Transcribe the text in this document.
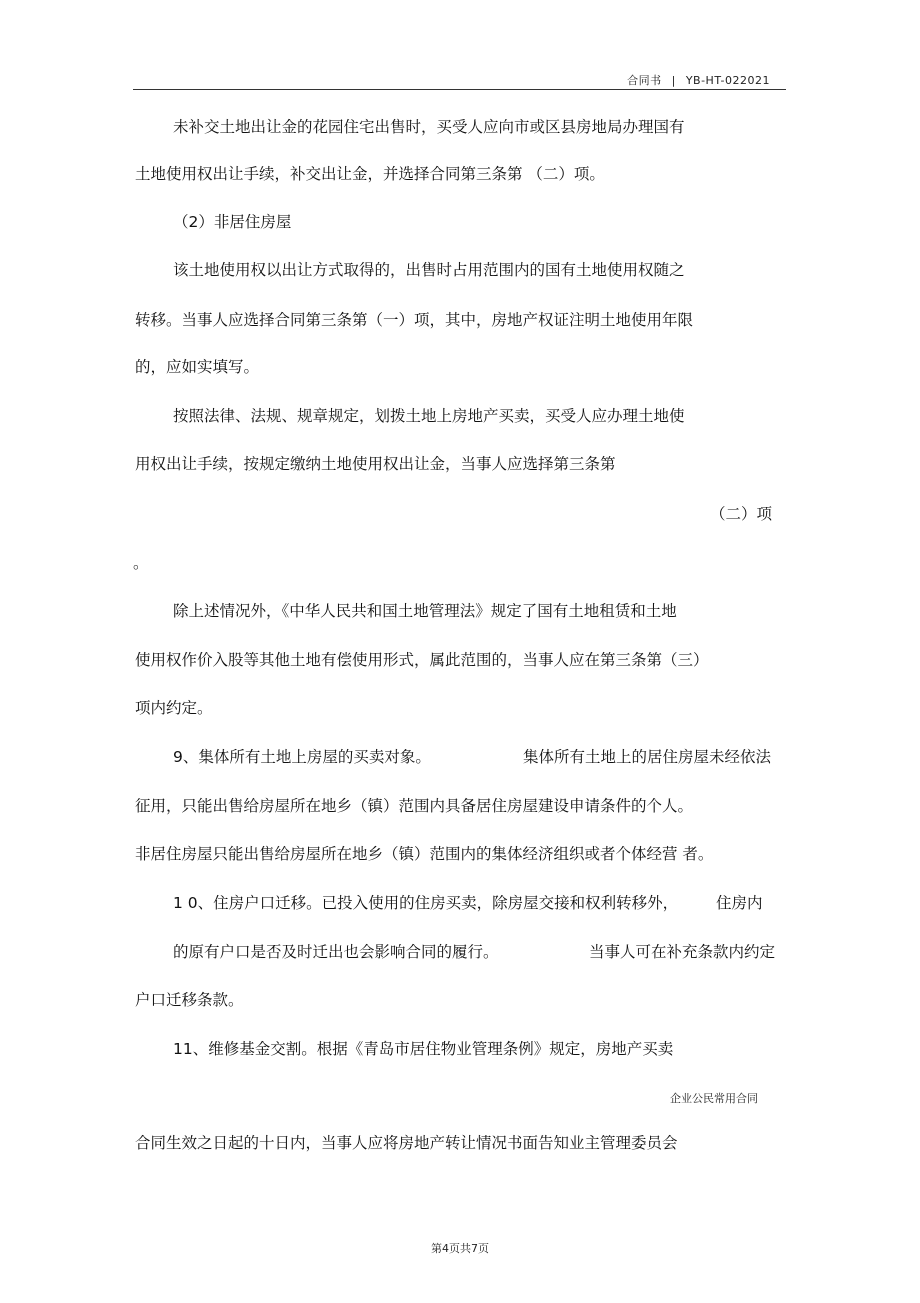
合同书 | YB-HT-022021
未补交土地出让金的花园住宅出售时，买受人应向市或区县房地局办理国有
土地使用权出让手续，补交出让金，并选择合同第三条第 （二）项。
（2）非居住房屋
该土地使用权以出让方式取得的，出售时占用范围内的国有土地使用权随之
转移。当事人应选择合同第三条第（一）项，其中，房地产权证注明土地使用年限
的，应如实填写。
按照法律、法规、规章规定，划拨土地上房地产买卖，买受人应办理土地使
用权出让手续，按规定缴纳土地使用权出让金，当事人应选择第三条第
（二）项
。
除上述情况外，《中华人民共和国土地管理法》规定了国有土地租赁和土地
使用权作价入股等其他土地有偿使用形式，属此范围的，当事人应在第三条第（三）
项内约定。
9、集体所有土地上房屋的买卖对象。	集体所有土地上的居住房屋未经依法
征用，只能出售给房屋所在地乡（镇）范围内具备居住房屋建设申请条件的个人。
非居住房屋只能出售给房屋所在地乡（镇）范围内的集体经济组织或者个体经营 者。
1 0、住房户口迁移。已投入使用的住房买卖，除房屋交接和权利转移外， 住房内
的原有户口是否及时迁出也会影响合同的履行。	当事人可在补充条款内约定
户口迁移条款。
11、维修基金交割。根据《青岛市居住物业管理条例》规定，房地产买卖
企业公民常用合同
合同生效之日起的十日内，当事人应将房地产转让情况书面告知业主管理委员会
第4页共7页
